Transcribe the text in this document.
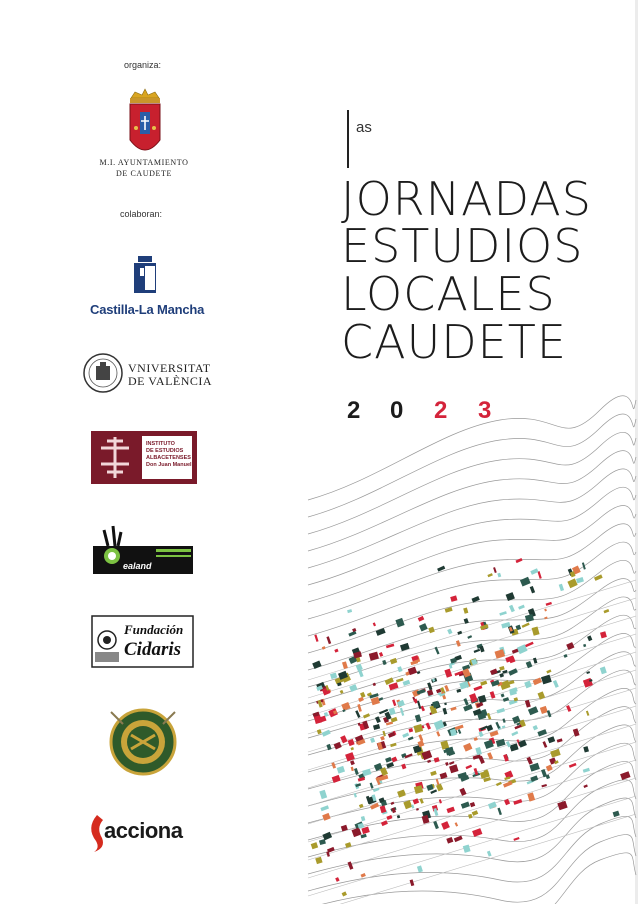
organiza:
M.I. AYUNTAMIENTO
DE CAUDETE
colaboran:
Castilla-La Mancha
VNIVERSITAT
DE VALÈNCIA
INSTITUTO
DE ESTUDIOS
ALBACETENSES
Don Juan Manuel
ealand
Fundación
Cidaris
acciona
as
JORNADAS
ESTUDIOS
LOCALES
CAUDETE
2 0 2 3
